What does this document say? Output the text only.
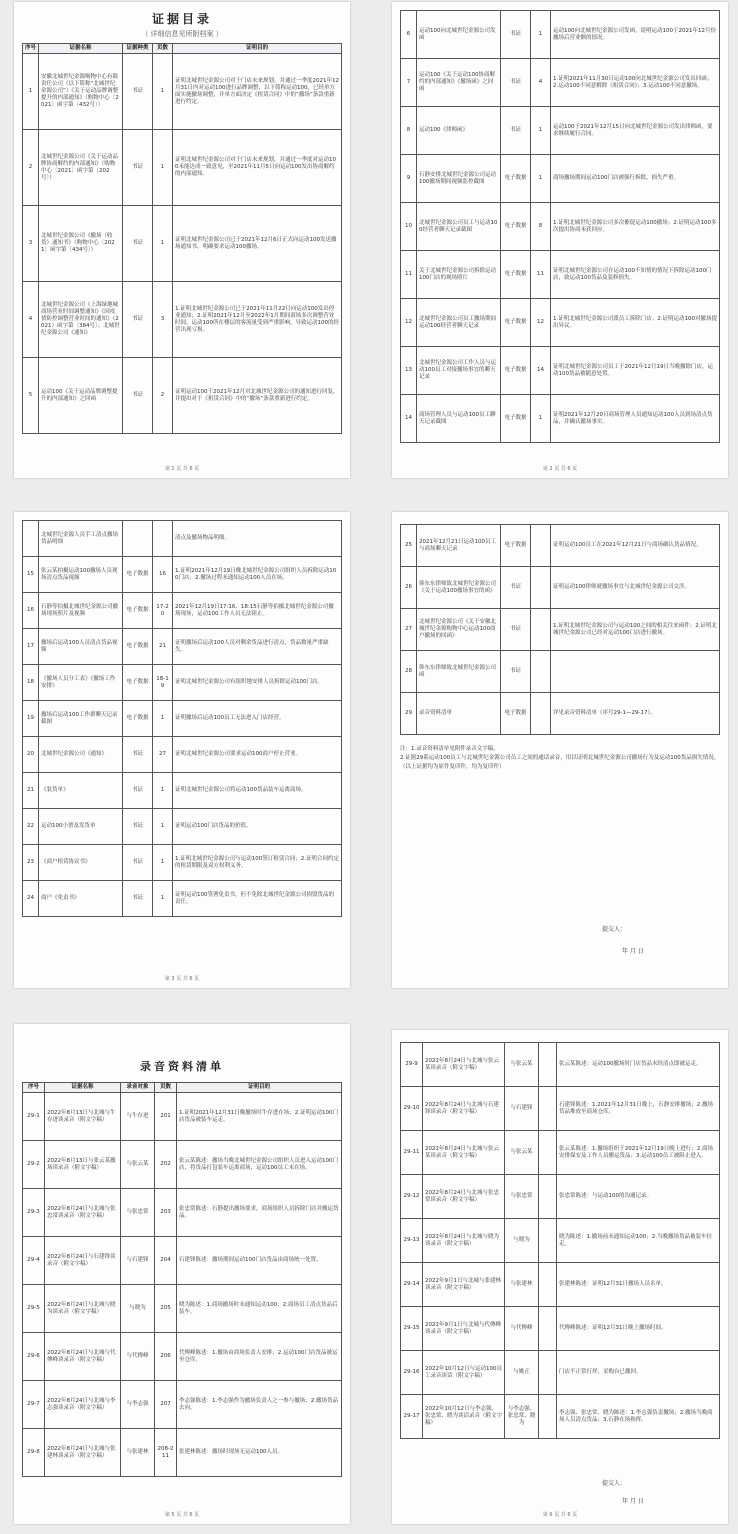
证据目录
（ 详细信息见所附档案 ）
序号	证据名称	证据种类	页数	证明目的
1	安徽北城世纪金源购物中心有限责任公司（以下简称“北城世纪金源公司”）《关于运动品牌调整提升的内部通知》（购物中心〔2021〕函字第〔432号〕）	书证	1	证明北城世纪金源公司对于门店未来规划，并通过一季度2021年12月31日内对运动100进行品牌调整，以下简称运动100，已经单方面实施撤场调整，并单方面决定《租赁合同》中的“撤场”条款重新进行约定。
2	北城世纪金源公司《关于运动品牌协商解约的内部通知》（购物中心〔2021〕函字第〔202号〕）	书证	1	证明北城世纪金源公司对于门店未来规划，并通过一季度对运动100未能达成一致意见，至2021年11月5日向运动100发出协商解约的内部通知。
3	北城世纪金源公司《撤场（收货）通知书》（购物中心〔2021〕函字第〔434号〕）	书证	1	证明北城世纪金源公司已于2021年12月6日正式向运动100发送撤场通知书，明确要求运动100撤场。
4	北城世纪金源公司《上海绿地城商场营业时间调整通知》《因疫情防控调整营业时间的通知》（2021）函字第〔384号〕；北城世纪金源公司《通知》	书证	3	1.证明北城世纪金源公司已于2021年11月22日向运动100发出停业通知；2.证明2021年12月至2022年1月期间商场多次调整营业时间，运动100所在楼层的客流量受到严重影响，导致运动100的经营出现亏损。
5	运动100《关于运动品牌调整提升的内部通知》之回函	书证	2	证明运动100于2021年12月对北城世纪金源公司的通知进行回复，并提出对于《租赁合同》中的“撤场”条款重新进行约定。
第 1 页 共 6 页
6	运动100向北城世纪金源公司发函	书证	1	运动100向北城世纪金源公司发函，说明运动100于2021年12月份撤场后营业额的情况。
7	运动100《关于运动100协商解约的内部通知》《撤场函》之回函	书证	4	1.证明2021年11月30日运动100向北城世纪金源公司发出回函；2.运动100不同意解除《租赁合同》；3.运动100不同意撤场。
8	运动100《律师函》	书证	1	运动100于2021年12月15日向北城世纪金源公司发出律师函，要求继续履行合同。
9	石静安排北城世纪金源公司运动100撤场期间视频监控截图	电子数据	1	商场撤场期间运动100门店被强行拆除，损失严重。
10	北城世纪金源公司员工与运动100经营者聊天记录截图	电子数据	8	1.证明北城世纪金源公司多次催促运动100撤场；2.证明运动100多次提出协商未获回应。
11	关于北城世纪金源公司拆除运动100门店的现场照片	电子数据	11	证明北城世纪金源公司在运动100不知情的情况下拆除运动100门店，致运动100货品及装修损失。
12	北城世纪金源公司员工撤场期间运动100经营者聊天记录	电子数据	12	1.证明北城世纪金源公司派员工拆除门店；2.证明运动100对撤场提出异议。
13	北城世纪金源公司工作人员与运动100员工对接撤场事宜的聊天记录	电子数据	14	证明北城世纪金源公司员工于2021年12月19日当晚撤除门店，运动100货品被随意处置。
14	商场管理人员与运动100员工聊天记录截图	电子数据	1	证明2021年12月20日商场管理人员通知运动100人员到场清点货品，并确认撤场事实。
第 2 页 共 6 页
	北城世纪金源人员手工清点撤场货品明细			清点及撤场物品明细。
15	张云某拍摄运动100撤场人员现场清点货品视频	电子数据	16	1.证明2021年12月19日晚北城世纪金源公司组织人员拆除运动100门店；2.撤场过程未通知运动100人员在场。
16	石静等拍摄北城世纪金源公司撤场现场照片及视频	电子数据	17-20	2021年12月19日17:16、18:15石静等拍摄北城世纪金源公司撤场现场，运动100工作人员无法阻止。
17	撤场后运动100人员清点货品视频	电子数据	21	证明撤场后运动100人员对剩余货品进行清点，货品数量严重缺失。
18	《撤场人员分工表》《撤场工作安排》	电子数据	18-19	证明北城世纪金源公司有组织地安排人员拆除运动100门店。
19	撤场后运动100工作群聊天记录截图	电子数据	1	证明撤场后运动100员工无法进入门店经营。
20	北城世纪金源公司《通知》	书证	27	证明北城世纪金源公司要求运动100商户停止营业。
21	《装货单》	书证	1	证明北城世纪金源公司将运动100货品装车运离商场。
22	运动100小票及发货单	书证	1	证明运动100门店货品的价值。
23	《商户租赁协议书》	书证	1	1.证明北城世纪金源公司与运动100签订租赁合同；2.证明合同约定的租赁期限及双方权利义务。
24	商户《免责书》	书证	1	证明运动100签署免责书，但不免除北城世纪金源公司损毁货品的责任。
第 3 页 共 6 页
25	2021年12月21日运动100员工与商场聊天记录	电子数据		证明运动100员工在2021年12月21日与商场确认货品情况。
26	韩东东律师致北城世纪金源公司《关于运动100撤场事宜的函》	书证		证明运动100律师就撤场事宜与北城世纪金源公司交涉。
27	北城世纪金源公司《关于安徽北城世纪金源购物中心运动100商户撤场的回函》	书证		1.证明北城世纪金源公司与运动100之间的相关往来函件；2.证明北城世纪金源公司已经对运动100门店进行撤场。
28	韩东东律师致北城世纪金源公司函	书证		
29	录音资料清单	电子数据		详见录音资料清单（序号29-1—29-17）。
注：1.录音资料清单见附件录音文字稿。
2.证据29系运动100员工与北城世纪金源公司员工之间的通话录音，用以证明北城世纪金源公司撤场行为及运动100货品损失情况。
（以上证据均为原件复印件，均为复印件）
提交人：
年 月 日
录音资料清单
序号	证据名称	录音对象	页数	证明目的
29-1	2022年8月13日与北城与牛存进谈录音（附文字稿）	与牛存进	201	1.证明2021年12月31日晚撤场时牛存进在场；2.证明运动100门店货品被装车运走。
29-2	2022年8月13日与张云某撤场谈录音（附文字稿）	与张云某	202	张云某陈述：撤场当晚北城世纪金源公司组织人员进入运动100门店，将货品打包装车运离商场，运动100员工未在场。
29-3	2022年8月24日与北城与张忠常谈录音（附文字稿）	与张忠常	203	张忠常陈述：石静提出撤场要求，商场组织人员拆除门店并搬运货品。
29-4	2022年8月24日与石建锋谈录音（附文字稿）	与石建锋	204	石建锋陈述：撤场期间运动100门店货品由商场统一处置。
29-5	2022年8月24日与北城与晓为谈录音（附文字稿）	与晓为	205	晓为陈述：1.商场撤场时未通知运动100；2.商场员工清点货品后装车。
29-6	2022年8月24日与北城与代傳峰谈录音（附文字稿）	与代傳峰	206	代傳峰陈述：1.撤场由商场负责人安排；2.运动100门店货品被运至仓库。
29-7	2022年8月24日与北城与李志强谈录音（附文字稿）	与李志强	207	李志强陈述：1.李志强作为撤场负责人之一参与撤场；2.撤场货品去向。
29-8	2022年8月24日与北城与张建林谈录音（附文字稿）	与张建林	208-211	张建林陈述：撤场时现场无运动100人员。
第 5 页 共 6 页
29-9	2022年8月24日与北城与张云某谈录音（附文字稿）	与张云某		张云某陈述：运动100撤场时门店货品未经清点即被运走。
29-10	2022年8月24日与北城与石建锋谈录音（附文字稿）	与石建锋		石建锋陈述：1.2021年12月31日晚上，石静安排撤场；2.撤场货品堆放至商场仓库。
29-11	2022年8月24日与北城与张云某谈录音（附文字稿）	与张云某		张云某陈述：1.撤场组织于2021年12月19日晚上进行；2.商场安排保安及工作人员搬运货品；3.运动100员工被阻止进入。
29-12	2022年8月24日与北城与张忠常谈录音（附文字稿）	与张忠常		张忠常陈述：与运动100的沟通记录。
29-13	2022年8月24日与北城与晓为谈录音（附文字稿）	与晓为		晓为陈述：1.撤场前未通知运动100；2.当晚撤场货品被装车拉走。
29-14	2022年9月1日与北城与张建林谈录音（附文字稿）	与张建林		张建林陈述：证明12月31日撤场人员名单。
29-15	2022年9月1日与北城与代傳峰谈录音（附文字稿）	与代傳峰		代傳峰陈述：证明12月31日晚上撤场时间。
29-16	2022年10月12日与运动100员工录音谈话（附文字稿）	与姚正		门店不正常打烊，采购台已撤回。
29-17	2022年10月12日与李志强、张忠常、晓为谈话录音（附文字稿）	与李志强、张忠常、晓为		李志强、张忠常、晓为陈述：1.李志强负责撤场；2.撤场当晚商场人员清点货品；3.石静在场指挥。
提交人：
年 月 日
第 6 页 共 6 页
